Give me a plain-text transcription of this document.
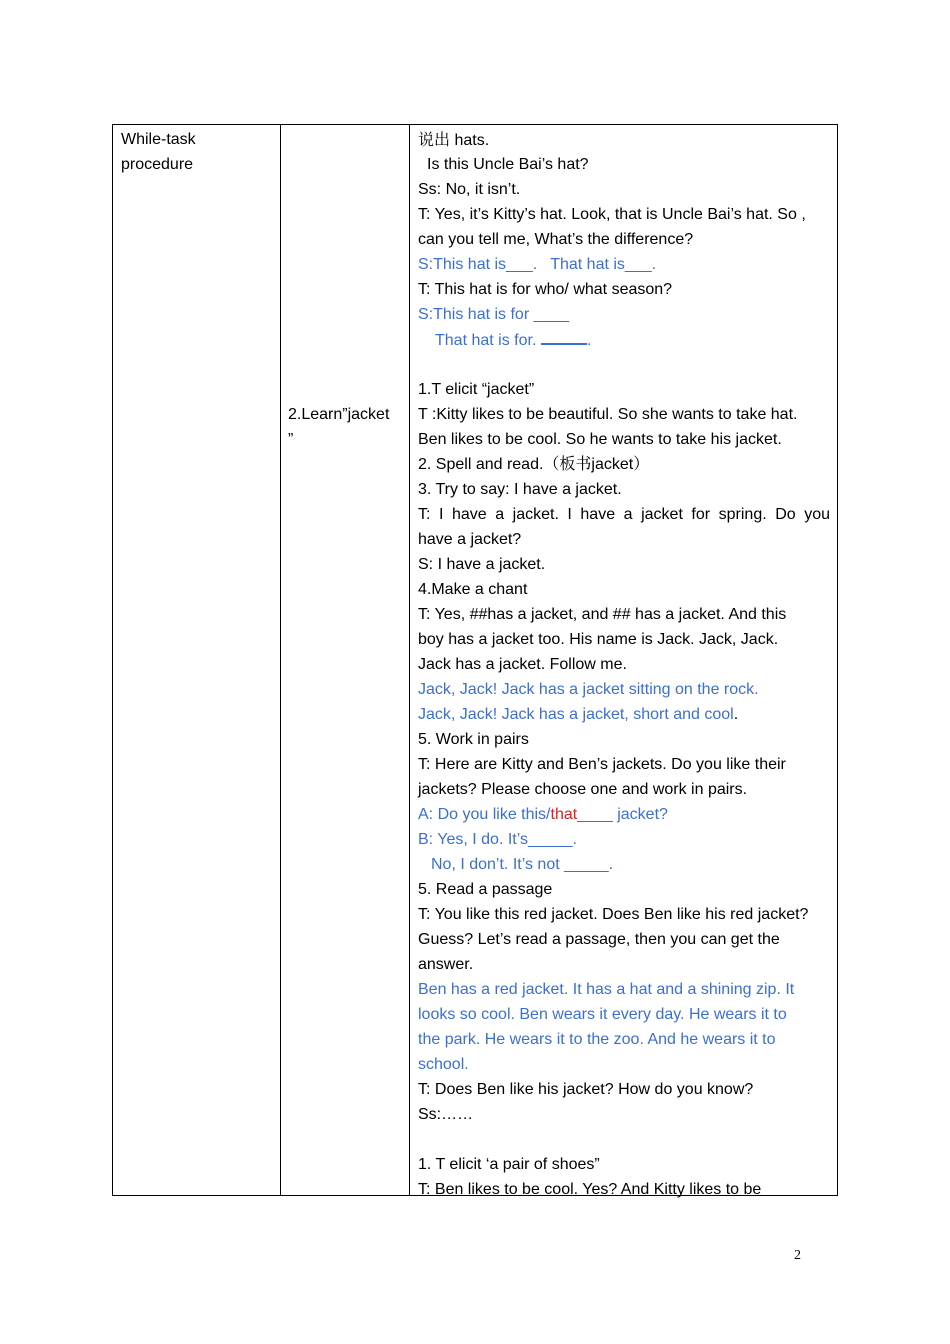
While-task
procedure
2.Learn”jacket
”
说出 hats.
Is this Uncle Bai’s hat?
Ss: No, it isn’t.
T: Yes, it’s Kitty’s hat. Look, that is Uncle Bai’s hat. So ,
can you tell me, What’s the difference?
S:This hat is___.   That hat is___.
T: This hat is for who/ what season?
S:This hat is for ____
That hat is for.	.
1.T elicit “jacket”
T :Kitty likes to be beautiful. So she wants to take hat.
Ben likes to be cool. So he wants to take his jacket.
2. Spell and read.（板书jacket）
3. Try to say: I have a jacket.
T: I have a jacket. I have a jacket for spring. Do you
have a jacket?
S: I have a jacket.
4.Make a chant
T: Yes, ##has a jacket, and ## has a jacket. And this
boy has a jacket too. His name is Jack. Jack, Jack.
Jack has a jacket. Follow me.
Jack, Jack! Jack has a jacket sitting on the rock.
Jack, Jack! Jack has a jacket, short and cool.
5. Work in pairs
T: Here are Kitty and Ben’s jackets. Do you like their
jackets? Please choose one and work in pairs.
A: Do you like this/that____ jacket?
B: Yes, I do. It’s_____.
No, I don’t. It’s not _____.
5. Read a passage
T: You like this red jacket. Does Ben like his red jacket?
Guess? Let’s read a passage, then you can get the
answer.
Ben has a red jacket. It has a hat and a shining zip. It
looks so cool. Ben wears it every day. He wears it to
the park. He wears it to the zoo. And he wears it to
school.
T: Does Ben like his jacket? How do you know?
Ss:……
1. T elicit ‘a pair of shoes”
T: Ben likes to be cool. Yes? And Kitty likes to be
2
